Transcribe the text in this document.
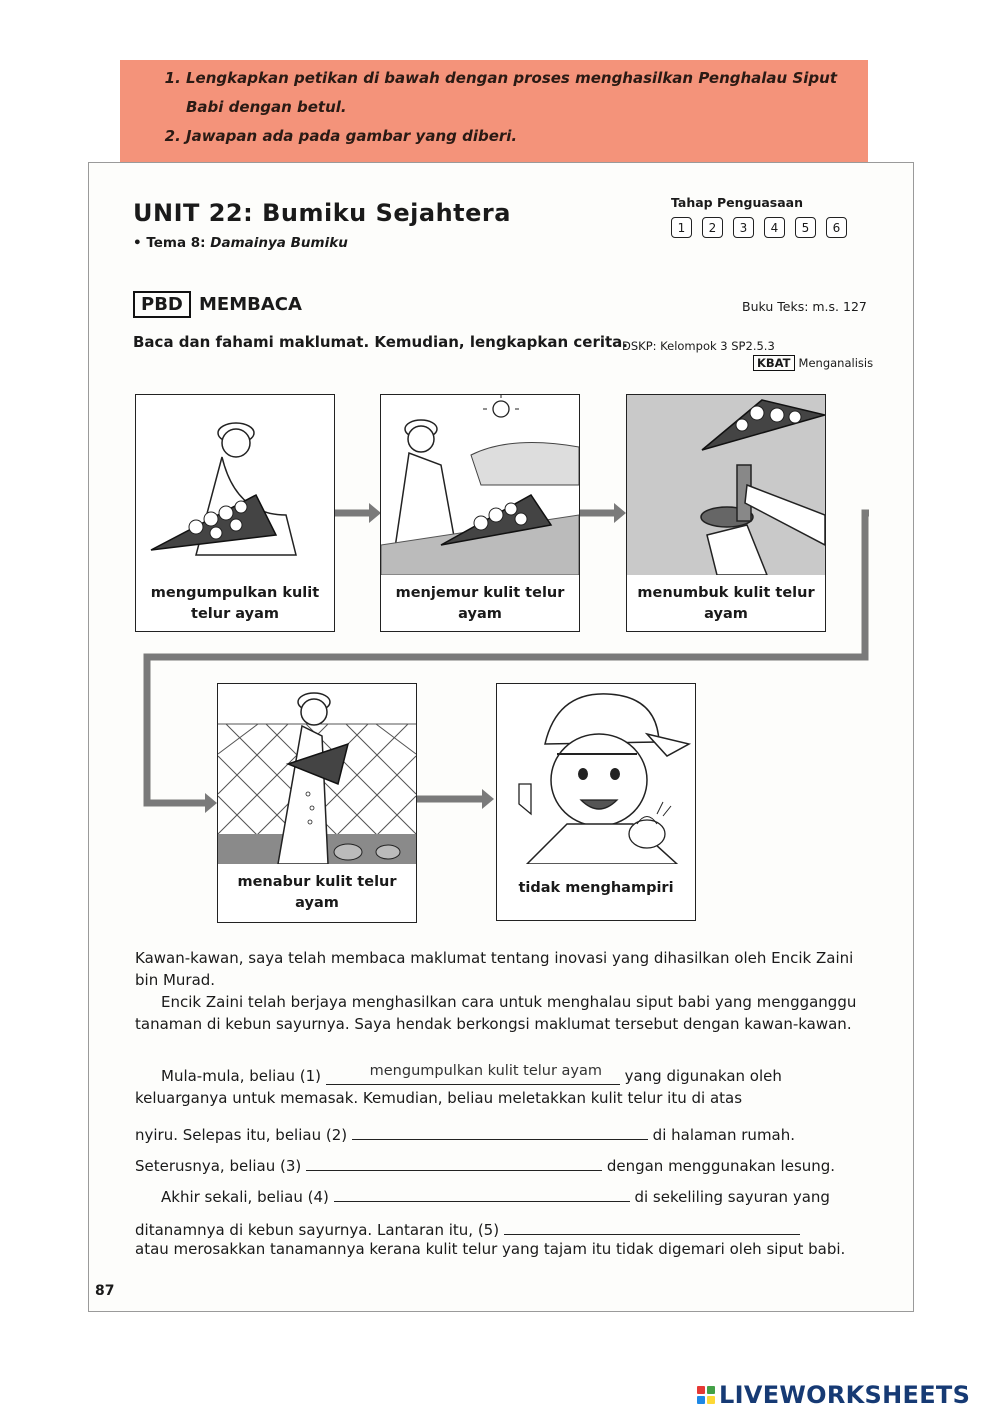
1. Lengkapkan petikan di bawah dengan proses menghasilkan Penghalau Siput Babi dengan betul.
2. Jawapan ada pada gambar yang diberi.
UNIT 22: Bumiku Sejahtera
• Tema 8: Damainya Bumiku
Tahap Penguasaan
1	2	3	4	5	6
PBD MEMBACA	Buku Teks: m.s. 127
Baca dan fahami maklumat. Kemudian, lengkapkan cerita.
DSKP: Kelompok 3 SP2.5.3
KBAT Menganalisis
mengumpulkan kulit telur ayam
menjemur kulit telur ayam
menumbuk kulit telur ayam
menabur kulit telur ayam
tidak menghampiri
Kawan-kawan, saya telah membaca maklumat tentang inovasi yang dihasilkan oleh Encik Zaini bin Murad.
Encik Zaini telah berjaya menghasilkan cara untuk menghalau siput babi yang mengganggu tanaman di kebun sayurnya. Saya hendak berkongsi maklumat tersebut dengan kawan-kawan.
Mula-mula, beliau (1)	mengumpulkan kulit telur ayam yang digunakan oleh
keluarganya untuk memasak. Kemudian, beliau meletakkan kulit telur itu di atas
nyiru. Selepas itu, beliau (2)	di halaman rumah.
Seterusnya, beliau (3)	dengan menggunakan lesung.
Akhir sekali, beliau (4)	di sekeliling sayuran yang
ditanamnya di kebun sayurnya. Lantaran itu, (5)
atau merosakkan tanamannya kerana kulit telur yang tajam itu tidak digemari oleh siput babi.
87
LIVEWORKSHEETS
